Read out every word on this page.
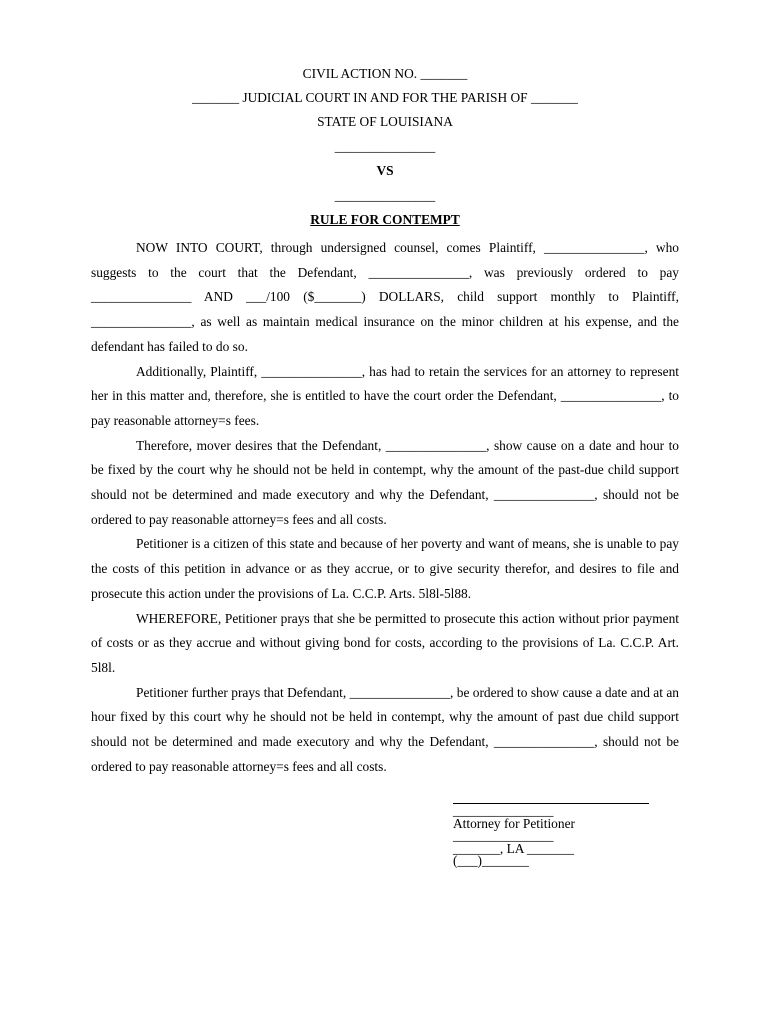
CIVIL ACTION NO. _______
_______ JUDICIAL COURT IN AND FOR THE PARISH OF _______
STATE OF LOUISIANA
_______________
VS
_______________
RULE FOR CONTEMPT

NOW INTO COURT, through undersigned counsel, comes Plaintiff, _______________, who suggests to the court that the Defendant, _______________, was previously ordered to pay _______________ AND ___/100 ($_______) DOLLARS, child support monthly to Plaintiff, _______________, as well as maintain medical insurance on the minor children at his expense, and the defendant has failed to do so.

Additionally, Plaintiff, _______________, has had to retain the services for an attorney to represent her in this matter and, therefore, she is entitled to have the court order the Defendant, _______________, to pay reasonable attorney=s fees.

Therefore, mover desires that the Defendant, _______________, show cause on a date and hour to be fixed by the court why he should not be held in contempt, why the amount of the past-due child support should not be determined and made executory and why the Defendant, _______________, should not be ordered to pay reasonable attorney=s fees and all costs.

Petitioner is a citizen of this state and because of her poverty and want of means, she is unable to pay the costs of this petition in advance or as they accrue, or to give security therefor, and desires to file and prosecute this action under the provisions of La. C.C.P. Arts. 5l8l-5l88.

WHEREFORE, Petitioner prays that she be permitted to prosecute this action without prior payment of costs or as they accrue and without giving bond for costs, according to the provisions of La. C.C.P. Art. 5l8l.

Petitioner further prays that Defendant, _______________, be ordered to show cause a date and at an hour fixed by this court why he should not be held in contempt, why the amount of past due child support should not be determined and made executory and why the Defendant, _______________, should not be ordered to pay reasonable attorney=s fees and all costs.

_______________
Attorney for Petitioner
_______________
_______, LA _______
(___)_______
